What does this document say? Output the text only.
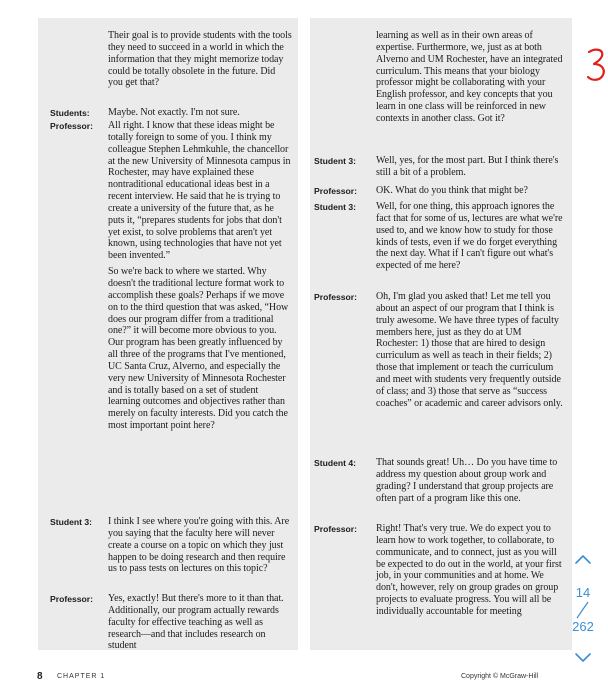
Their goal is to provide students with the tools they need to succeed in a world in which the information that they might memorize today could be totally obsolete in the future. Did you get that?

Students:	Maybe. Not exactly. I'm not sure.

Professor:	All right. I know that these ideas might be totally foreign to some of you. I think my colleague Stephen Lehmkuhle, the chancellor at the new University of Minnesota campus in Rochester, may have explained these nontraditional educational ideas best in a recent interview. He said that he is trying to create a university of the future that, as he puts it, “prepares students for jobs that don't yet exist, to solve problems that aren't yet known, using technologies that have not yet been invented.”

So we're back to where we started. Why doesn't the traditional lecture format work to accomplish these goals? Perhaps if we move on to the third question that was asked, “How does our program differ from a traditional one?” it will become more obvious to you. Our program has been greatly influenced by all three of the programs that I've mentioned, UC Santa Cruz, Alverno, and especially the very new University of Minnesota Rochester and is totally based on a set of student learning outcomes and objectives rather than merely on faculty interests. Did you catch the most important point here?

Student 3:	I think I see where you're going with this. Are you saying that the faculty here will never create a course on a topic on which they just happen to be doing research and then require us to pass tests on lectures on this topic?

Professor:	Yes, exactly! But there's more to it than that. Additionally, our program actually rewards faculty for effective teaching as well as research—and that includes research on student

learning as well as in their own areas of expertise. Furthermore, we, just as at both Alverno and UM Rochester, have an integrated curriculum. This means that your biology professor might be collaborating with your English professor, and key concepts that you learn in one class will be reinforced in new contexts in another class. Got it?

Student 3:	Well, yes, for the most part. But I think there's still a bit of a problem.

Professor:	OK. What do you think that might be?

Student 3:	Well, for one thing, this approach ignores the fact that for some of us, lectures are what we're used to, and we know how to study for those kinds of tests, even if we do forget everything the next day. What if I can't figure out what's expected of me here?

Professor:	Oh, I'm glad you asked that! Let me tell you about an aspect of our program that I think is truly awesome. We have three types of faculty members here, just as they do at UM Rochester: 1) those that are hired to design curriculum as well as teach in their fields; 2) those that implement or teach the curriculum and meet with students very frequently outside of class; and 3) those that serve as “success coaches” or academic and career advisors only.

Student 4:	That sounds great! Uh… Do you have time to address my question about group work and grading? I understand that group projects are often part of a program like this one.

Professor:	Right! That's very true. We do expect you to learn how to work together, to collaborate, to communicate, and to connect, just as you will be expected to do out in the world, at your first job, in your communities and at home. We don't, however, rely on group grades on group projects to evaluate progress. You will all be individually accountable for meeting

14
262
8 CHAPTER 1	Copyright © McGraw-Hill
